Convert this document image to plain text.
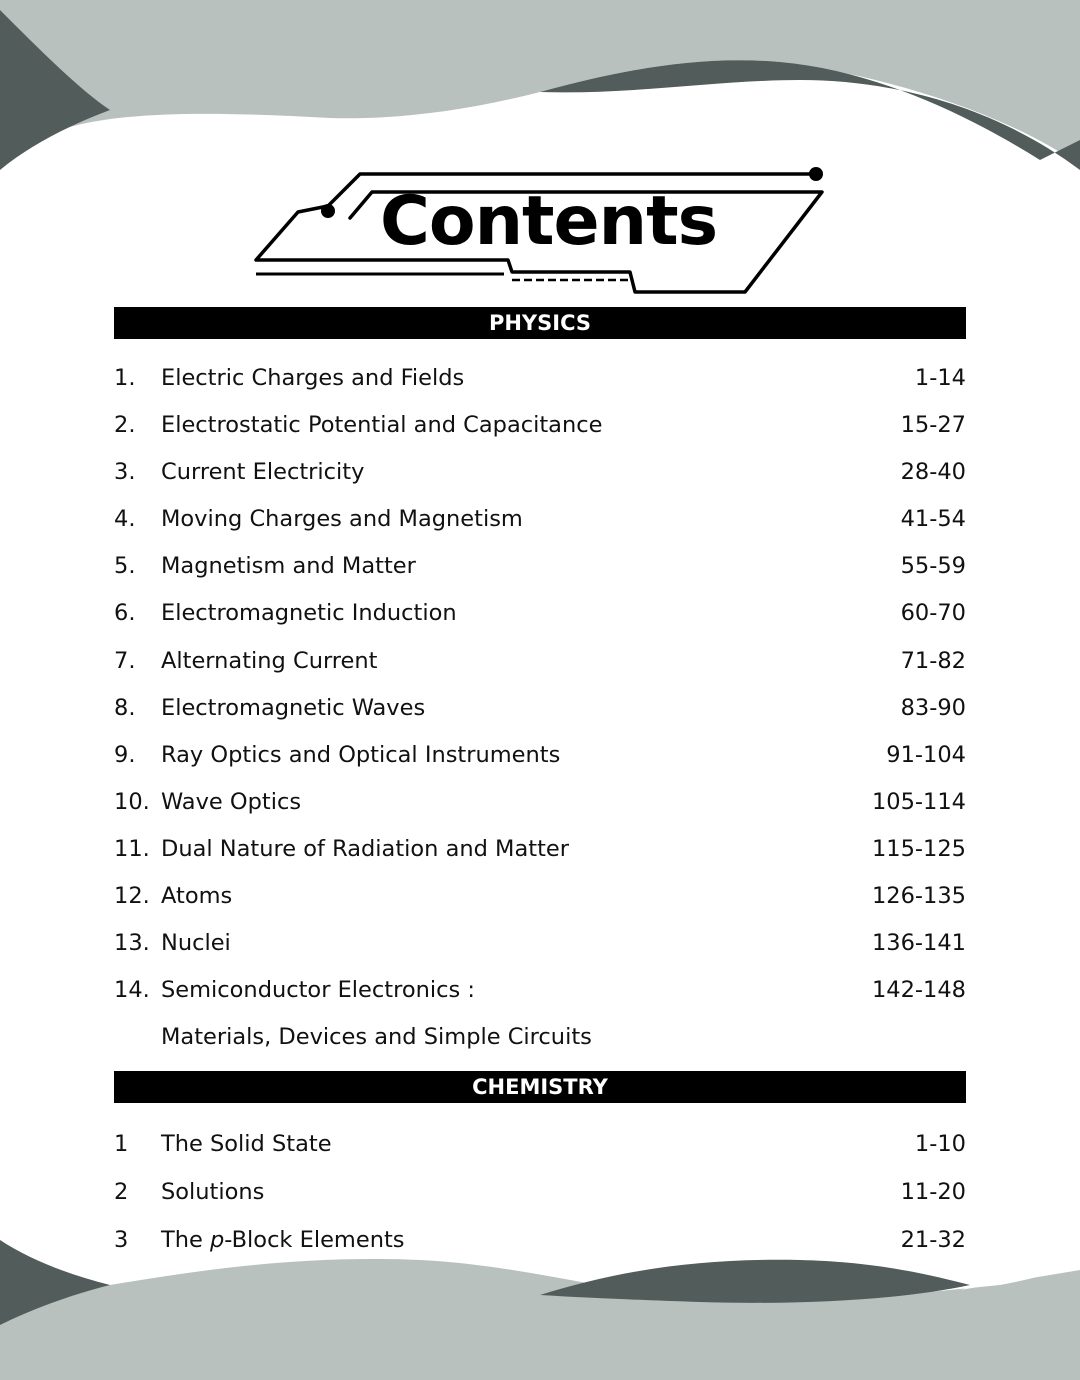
Contents
PHYSICS
1.	Electric Charges and Fields	1-14
2.	Electrostatic Potential and Capacitance	15-27
3.	Current Electricity	28-40
4.	Moving Charges and Magnetism	41-54
5.	Magnetism and Matter	55-59
6.	Electromagnetic Induction	60-70
7.	Alternating Current	71-82
8.	Electromagnetic Waves	83-90
9.	Ray Optics and Optical Instruments	91-104
10. Wave Optics	105-114
11. Dual Nature of Radiation and Matter	115-125
12. Atoms	126-135
13. Nuclei	136-141
14. Semiconductor Electronics :	142-148
Materials, Devices and Simple Circuits
CHEMISTRY
1	The Solid State	1-10
2	Solutions	11-20
3	The p-Block Elements	21-32
